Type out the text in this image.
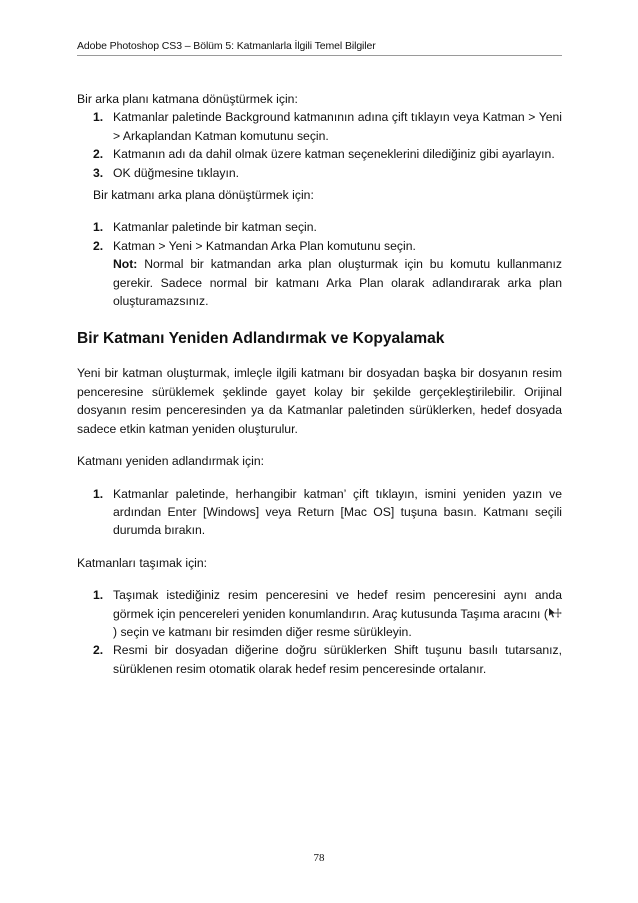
Adobe Photoshop CS3 – Bölüm 5: Katmanlarla İlgili Temel Bilgiler
Bir arka planı katmana dönüştürmek için:
1. Katmanlar paletinde Background katmanının adına çift tıklayın veya Katman > Yeni > Arkaplandan Katman komutunu seçin.
2. Katmanın adı da dahil olmak üzere katman seçeneklerini dilediğiniz gibi ayarlayın.
3. OK düğmesine tıklayın.
Bir katmanı arka plana dönüştürmek için:
1. Katmanlar paletinde bir katman seçin.
2. Katman > Yeni > Katmandan Arka Plan komutunu seçin.
Not: Normal bir katmandan arka plan oluşturmak için bu komutu kullanmanız gerekir. Sadece normal bir katmanı Arka Plan olarak adlandırarak arka plan oluşturamazsınız.
Bir Katmanı Yeniden Adlandırmak ve Kopyalamak
Yeni bir katman oluşturmak, imleçle ilgili katmanı bir dosyadan başka bir dosyanın resim penceresine sürüklemek şeklinde gayet kolay bir şekilde gerçekleştirilebilir. Orijinal dosyanın resim penceresinden ya da Katmanlar paletinden sürüklerken, hedef dosyada sadece etkin katman yeniden oluşturulur.
Katmanı yeniden adlandırmak için:
1. Katmanlar paletinde, herhangibir katman’ çift tıklayın, ismini yeniden yazın ve ardından Enter [Windows] veya Return [Mac OS] tuşuna basın. Katmanı seçili durumda bırakın.
Katmanları taşımak için:
1. Taşımak istediğiniz resim penceresini ve hedef resim penceresini aynı anda görmek için pencereleri yeniden konumlandırın. Araç kutusunda Taşıma aracını () seçin ve katmanı bir resimden diğer resme sürükleyin.
2. Resmi bir dosyadan diğerine doğru sürüklerken Shift tuşunu basılı tutarsanız, sürüklenen resim otomatik olarak hedef resim penceresinde ortalanır.
78
